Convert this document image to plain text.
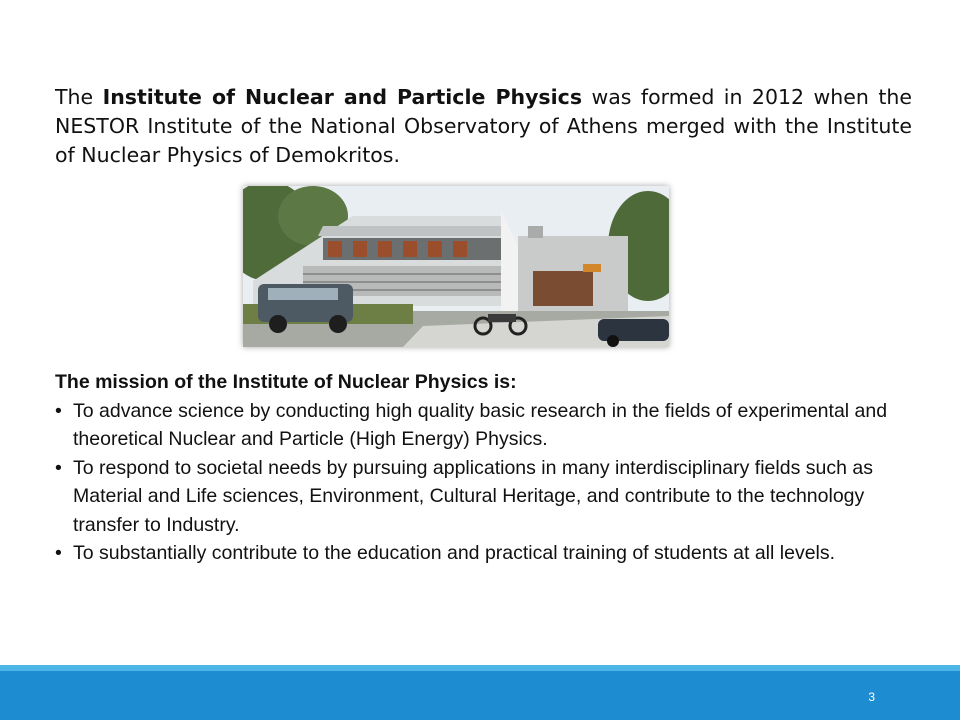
The Institute of Nuclear and Particle Physics was formed in 2012 when the NESTOR Institute of the National Observatory of Athens merged with the Institute of Nuclear Physics of Demokritos.

The mission of the Institute of Nuclear Physics is:
• To advance science by conducting high quality basic research in the fields of experimental and theoretical Nuclear and Particle (High Energy) Physics.
• To respond to societal needs by pursuing applications in many interdisciplinary fields such as Material and Life sciences, Environment, Cultural Heritage, and contribute to the technology transfer to Industry.
• To substantially contribute to the education and practical training of students at all levels.
3
